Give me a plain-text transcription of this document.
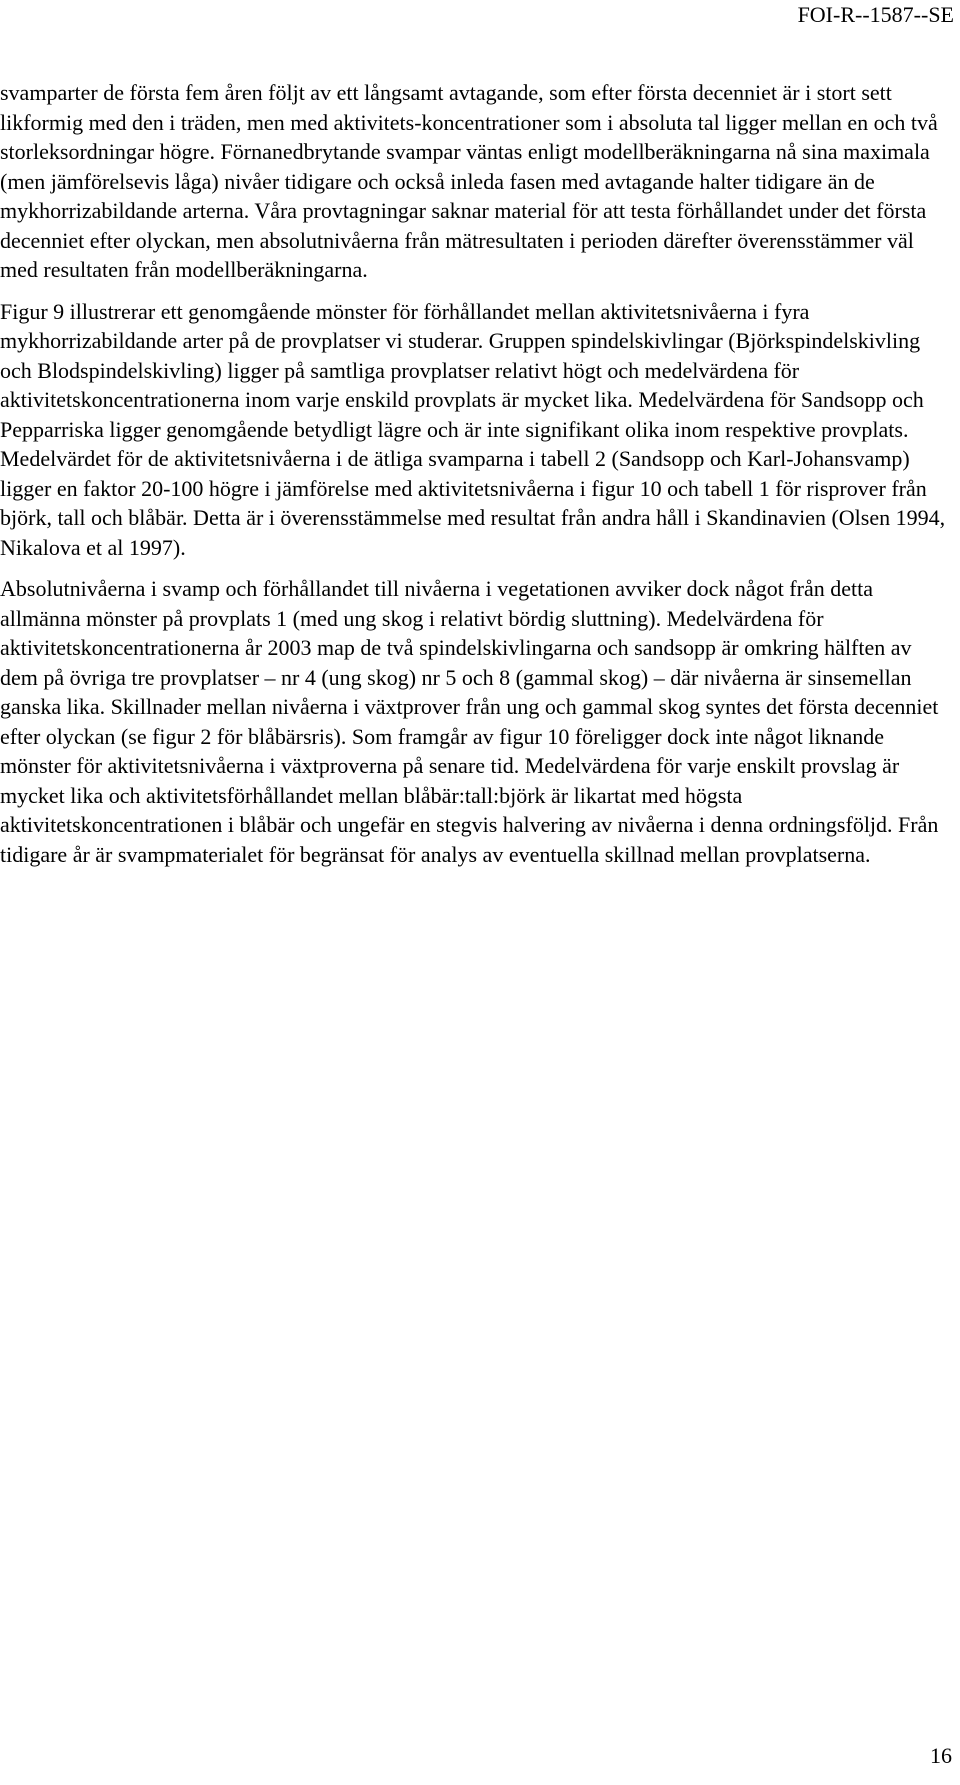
FOI-R--1587--SE

svamparter de första fem åren följt av ett långsamt avtagande, som efter första decenniet är i stort sett likformig med den i träden, men med aktivitets-koncentrationer som i absoluta tal ligger mellan en och två storleksordningar högre. Förnanedbrytande svampar väntas enligt modellberäkningarna nå sina maximala (men jämförelsevis låga) nivåer tidigare och också inleda fasen med avtagande halter tidigare än de mykhorrizabildande arterna. Våra provtagningar saknar material för att testa förhållandet under det första decenniet efter olyckan, men absolutnivåerna från mätresultaten i perioden därefter överensstämmer väl med resultaten från modellberäkningarna.

Figur 9 illustrerar ett genomgående mönster för förhållandet mellan aktivitetsnivåerna i fyra mykhorrizabildande arter på de provplatser vi studerar. Gruppen spindelskivlingar (Björkspindelskivling och Blodspindelskivling) ligger på samtliga provplatser relativt högt och medelvärdena för aktivitetskoncentrationerna inom varje enskild provplats är mycket lika. Medelvärdena för Sandsopp och Pepparriska ligger genomgående betydligt lägre och är inte signifikant olika inom respektive provplats. Medelvärdet för de aktivitetsnivåerna i de ätliga svamparna i tabell 2 (Sandsopp och Karl-Johansvamp) ligger en faktor 20-100 högre i jämförelse med aktivitetsnivåerna i figur 10 och tabell 1 för risprover från björk, tall och blåbär. Detta är i överensstämmelse med resultat från andra håll i Skandinavien (Olsen 1994, Nikalova et al 1997).

Absolutnivåerna i svamp och förhållandet till nivåerna i vegetationen avviker dock något från detta allmänna mönster på provplats 1 (med ung skog i relativt bördig sluttning). Medelvärdena för aktivitetskoncentrationerna år 2003 map de två spindelskivlingarna och sandsopp är omkring hälften av dem på övriga tre provplatser – nr 4 (ung skog) nr 5 och 8 (gammal skog) – där nivåerna är sinsemellan ganska lika. Skillnader mellan nivåerna i växtprover från ung och gammal skog syntes det första decenniet efter olyckan (se figur 2 för blåbärsris). Som framgår av figur 10 föreligger dock inte något liknande mönster för aktivitetsnivåerna i växtproverna på senare tid. Medelvärdena för varje enskilt provslag är mycket lika och aktivitetsförhållandet mellan blåbär:tall:björk är likartat med högsta aktivitetskoncentrationen i blåbär och ungefär en stegvis halvering av nivåerna i denna ordningsföljd. Från tidigare år är svampmaterialet för begränsat för analys av eventuella skillnad mellan provplatserna.

16
